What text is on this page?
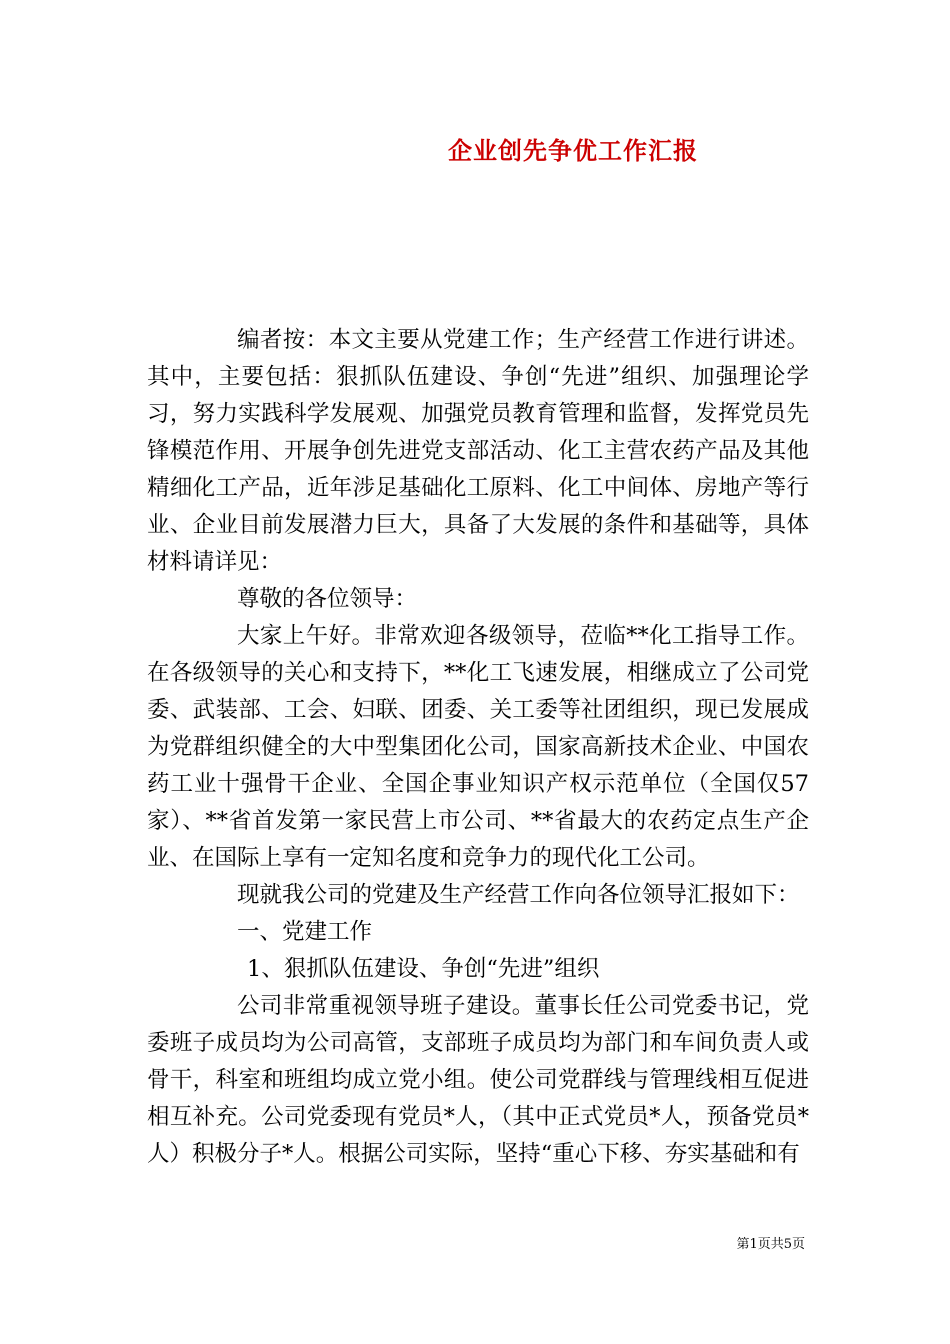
企业创先争优工作汇报

编者按：本文主要从党建工作；生产经营工作进行讲述。其中，主要包括：狠抓队伍建设、争创“先进”组织、加强理论学习，努力实践科学发展观、加强党员教育管理和监督，发挥党员先锋模范作用、开展争创先进党支部活动、化工主营农药产品及其他精细化工产品，近年涉足基础化工原料、化工中间体、房地产等行业、企业目前发展潜力巨大，具备了大发展的条件和基础等，具体材料请详见：

尊敬的各位领导：

大家上午好。非常欢迎各级领导，莅临**化工指导工作。在各级领导的关心和支持下，**化工飞速发展，相继成立了公司党委、武装部、工会、妇联、团委、关工委等社团组织，现已发展成为党群组织健全的大中型集团化公司，国家高新技术企业、中国农药工业十强骨干企业、全国企事业知识产权示范单位（全国仅57家）、**省首发第一家民营上市公司、**省最大的农药定点生产企业、在国际上享有一定知名度和竞争力的现代化工公司。

现就我公司的党建及生产经营工作向各位领导汇报如下：

一、党建工作

1、狠抓队伍建设、争创“先进”组织

公司非常重视领导班子建设。董事长任公司党委书记，党委班子成员均为公司高管，支部班子成员均为部门和车间负责人或骨干，科室和班组均成立党小组。使公司党群线与管理线相互促进相互补充。公司党委现有党员*人，（其中正式党员*人，预备党员*人）积极分子*人。根据公司实际，坚持“重心下移、夯实基础和有

第1页共5页
